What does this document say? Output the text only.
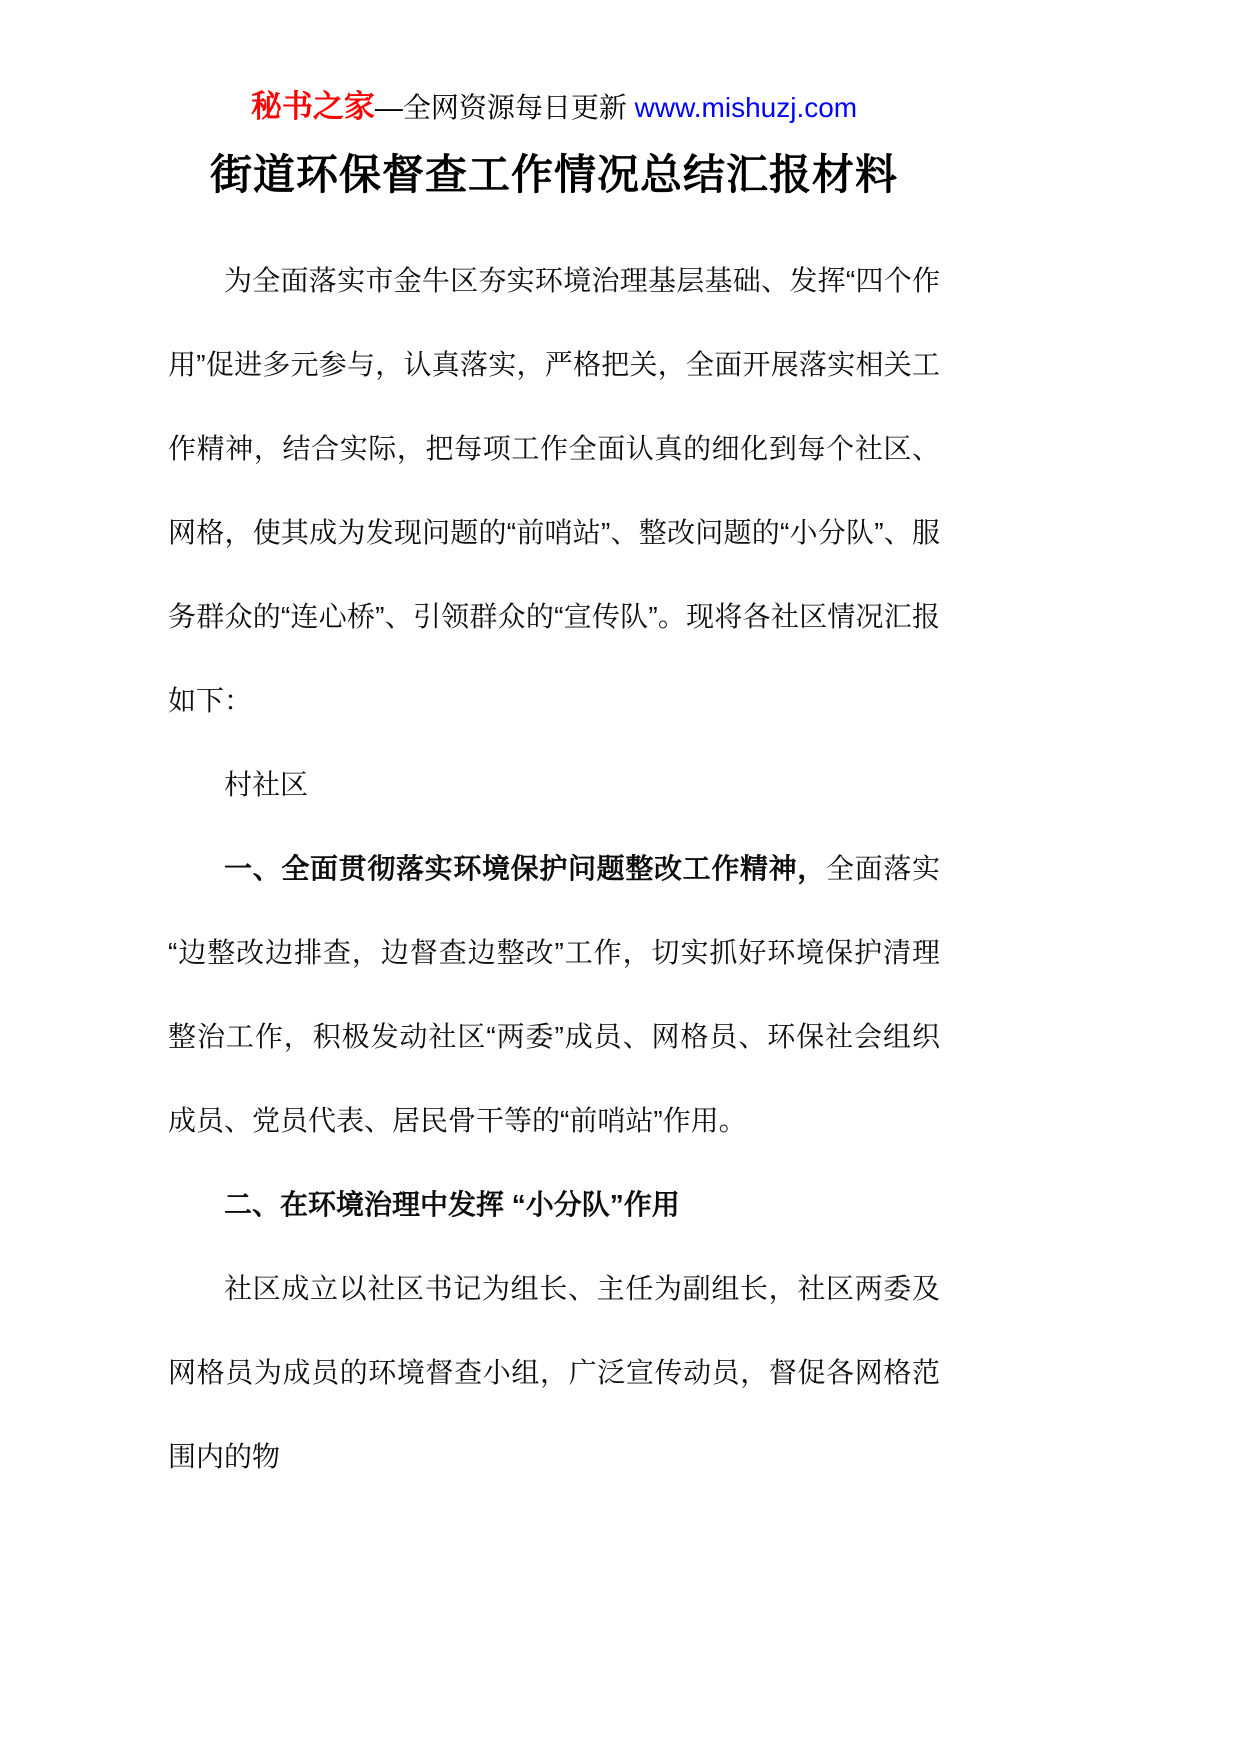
秘书之家—全网资源每日更新 www.mishuzj.com
街道环保督查工作情况总结汇报材料

为全面落实市金牛区夯实环境治理基层基础、发挥“四个作用”促进多元参与，认真落实，严格把关，全面开展落实相关工作精神，结合实际，把每项工作全面认真的细化到每个社区、网格，使其成为发现问题的“前哨站”、整改问题的“小分队”、服务群众的“连心桥”、引领群众的“宣传队”。现将各社区情况汇报如下：

村社区

一、全面贯彻落实环境保护问题整改工作精神，全面落实“边整改边排查，边督查边整改”工作，切实抓好环境保护清理整治工作，积极发动社区“两委”成员、网格员、环保社会组织成员、党员代表、居民骨干等的“前哨站”作用。

二、在环境治理中发挥 “小分队”作用

社区成立以社区书记为组长、主任为副组长，社区两委及网格员为成员的环境督查小组，广泛宣传动员，督促各网格范围内的物
